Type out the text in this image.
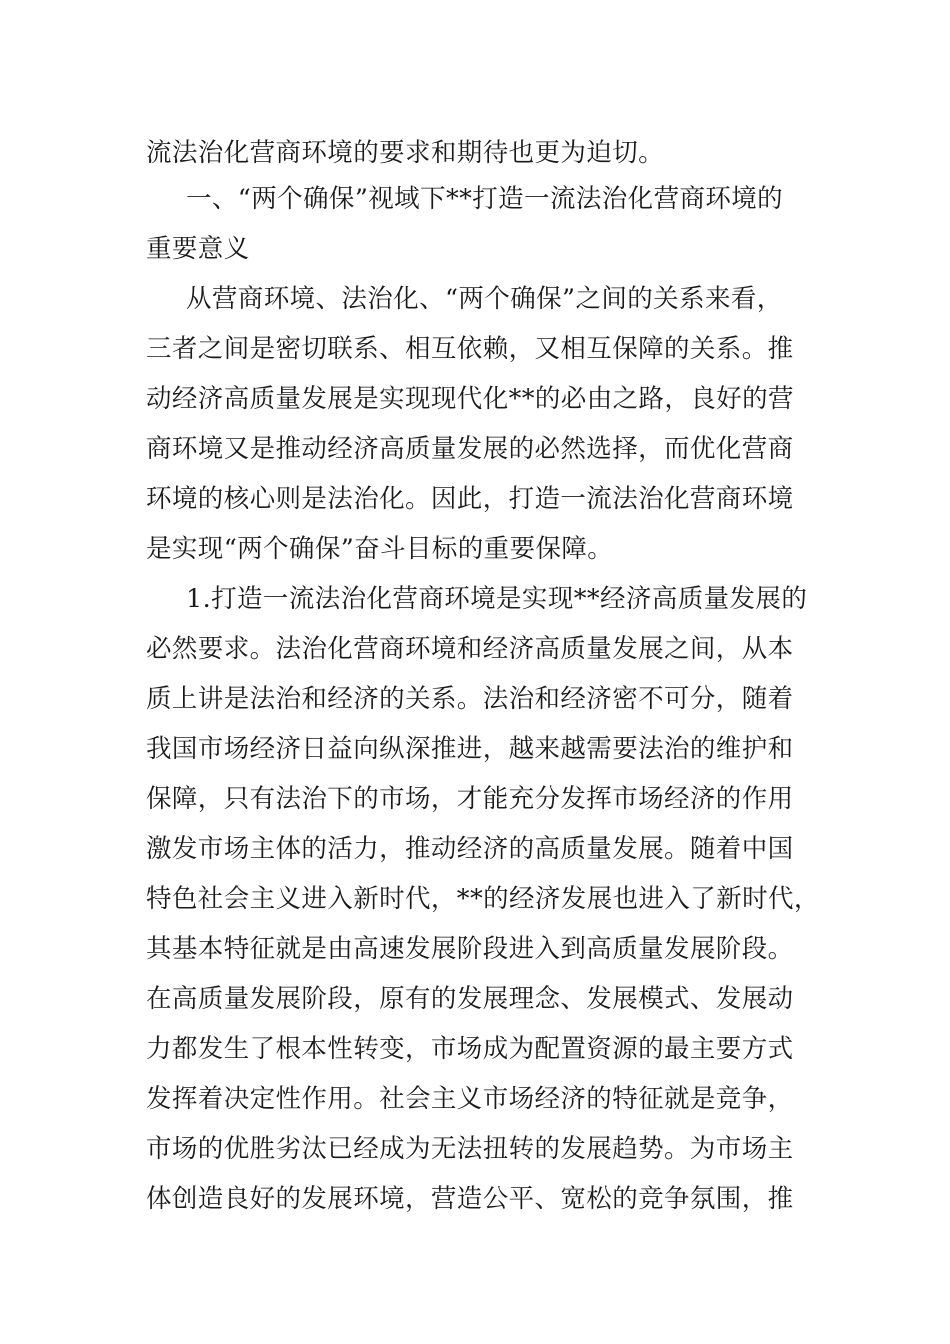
流法治化营商环境的要求和期待也更为迫切。
一、“两个确保”视域下**打造一流法治化营商环境的
重要意义
从营商环境、法治化、“两个确保”之间的关系来看，
三者之间是密切联系、相互依赖，又相互保障的关系。推
动经济高质量发展是实现现代化**的必由之路，良好的营
商环境又是推动经济高质量发展的必然选择，而优化营商
环境的核心则是法治化。因此，打造一流法治化营商环境
是实现“两个确保”奋斗目标的重要保障。
1.打造一流法治化营商环境是实现**经济高质量发展的
必然要求。法治化营商环境和经济高质量发展之间，从本
质上讲是法治和经济的关系。法治和经济密不可分，随着
我国市场经济日益向纵深推进，越来越需要法治的维护和
保障，只有法治下的市场，才能充分发挥市场经济的作用
激发市场主体的活力，推动经济的高质量发展。随着中国
特色社会主义进入新时代，**的经济发展也进入了新时代，
其基本特征就是由高速发展阶段进入到高质量发展阶段。
在高质量发展阶段，原有的发展理念、发展模式、发展动
力都发生了根本性转变，市场成为配置资源的最主要方式
发挥着决定性作用。社会主义市场经济的特征就是竞争，
市场的优胜劣汰已经成为无法扭转的发展趋势。为市场主
体创造良好的发展环境，营造公平、宽松的竞争氛围，推
